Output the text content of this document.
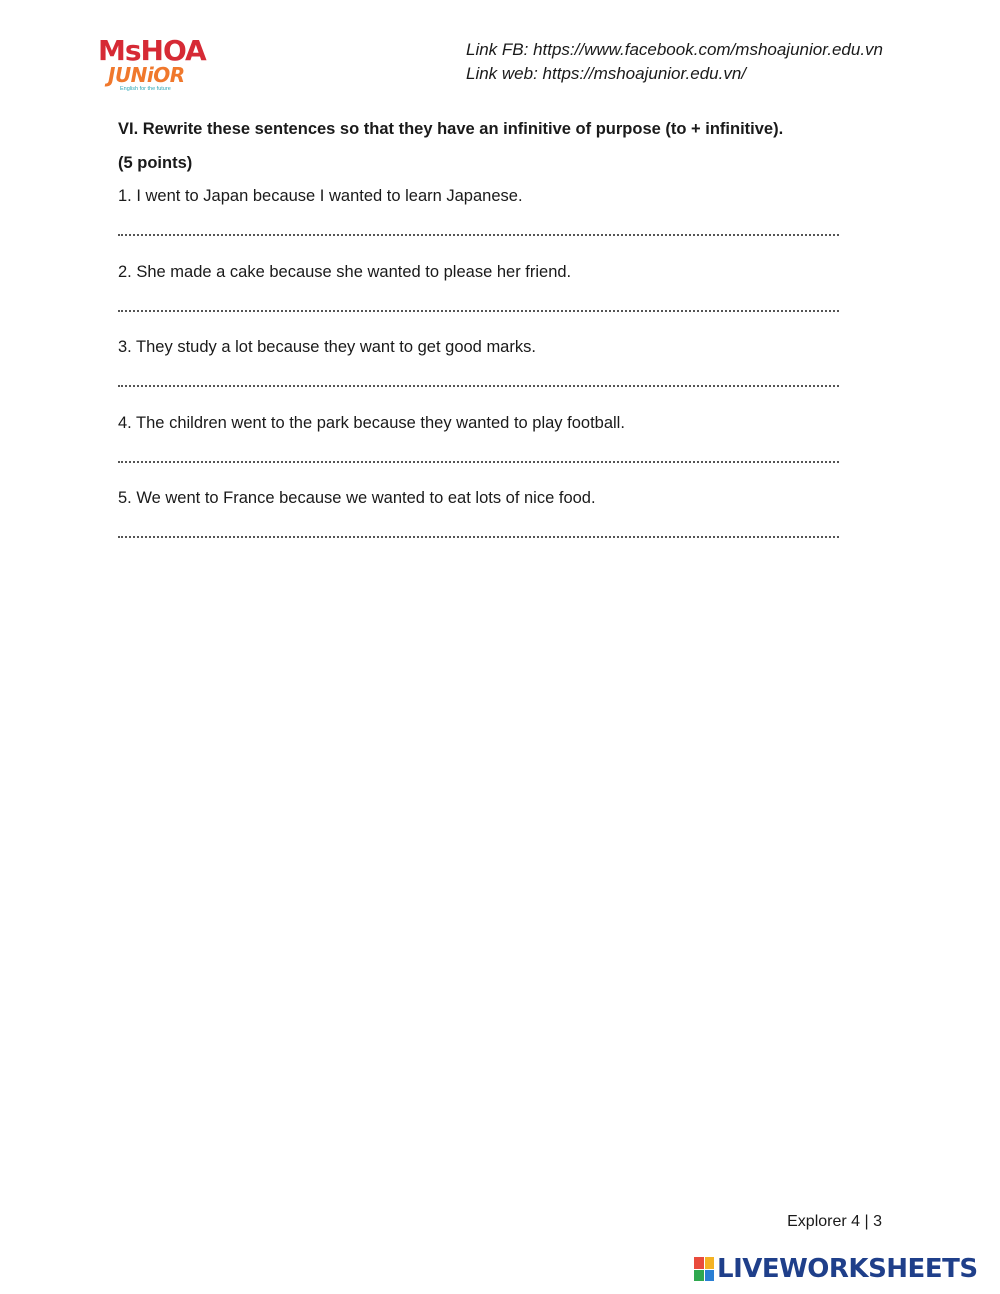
MsHOA
JUNiOR
English for the future
Link FB: https://www.facebook.com/mshoajunior.edu.vn
Link web: https://mshoajunior.edu.vn/

VI. Rewrite these sentences so that they have an infinitive of purpose (to + infinitive).

(5 points)
1. I went to Japan because I wanted to learn Japanese.
2. She made a cake because she wanted to please her friend.
3. They study a lot because they want to get good marks.
4. The children went to the park because they wanted to play football.
5. We went to France because we wanted to eat lots of nice food.
Explorer 4 | 3
LIVEWORKSHEETS
